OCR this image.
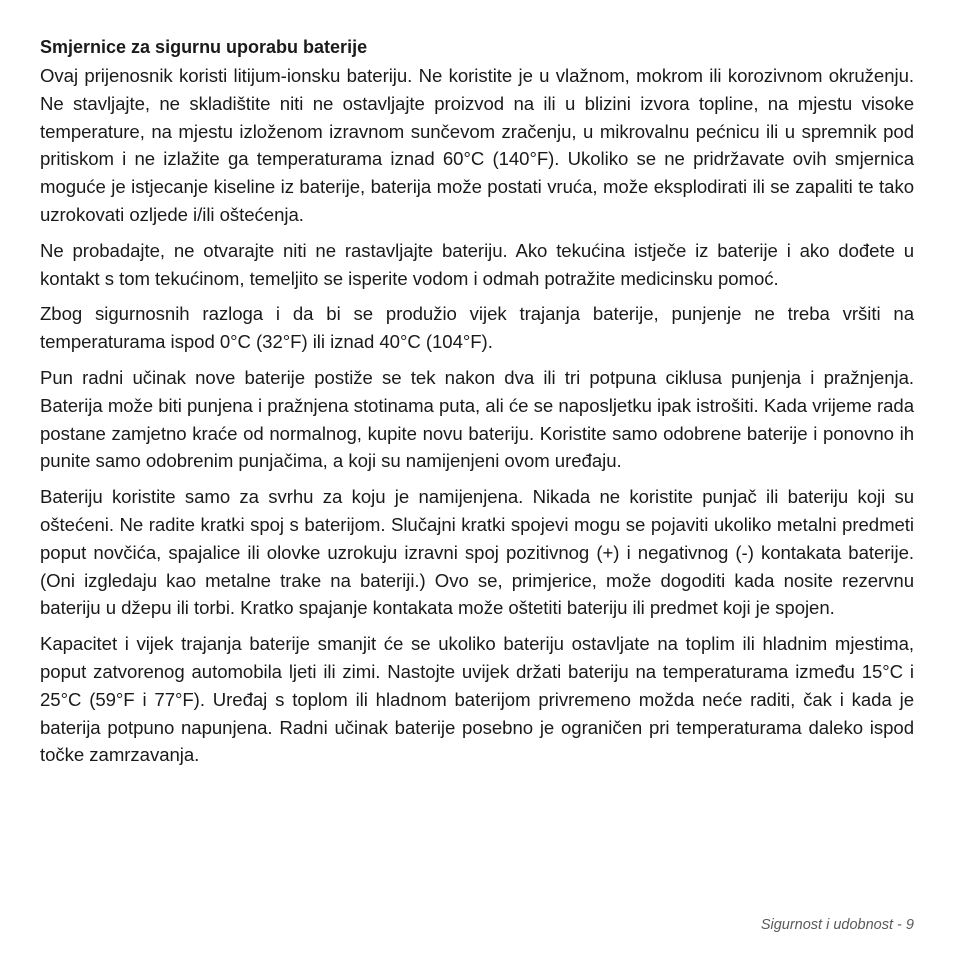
Smjernice za sigurnu uporabu baterije

Ovaj prijenosnik koristi litijum-ionsku bateriju. Ne koristite je u vlažnom, mokrom ili korozivnom okruženju. Ne stavljajte, ne skladištite niti ne ostavljajte proizvod na ili u blizini izvora topline, na mjestu visoke temperature, na mjestu izloženom izravnom sunčevom zračenju, u mikrovalnu pećnicu ili u spremnik pod pritiskom i ne izlažite ga temperaturama iznad 60°C (140°F). Ukoliko se ne pridržavate ovih smjernica moguće je istjecanje kiseline iz baterije, baterija može postati vruća, može eksplodirati ili se zapaliti te tako uzrokovati ozljede i/ili oštećenja.

Ne probadajte, ne otvarajte niti ne rastavljajte bateriju. Ako tekućina istječe iz baterije i ako dođete u kontakt s tom tekućinom, temeljito se isperite vodom i odmah potražite medicinsku pomoć.

Zbog sigurnosnih razloga i da bi se produžio vijek trajanja baterije, punjenje ne treba vršiti na temperaturama ispod 0°C (32°F) ili iznad 40°C (104°F).

Pun radni učinak nove baterije postiže se tek nakon dva ili tri potpuna ciklusa punjenja i pražnjenja. Baterija može biti punjena i pražnjena stotinama puta, ali će se naposljetku ipak istrošiti. Kada vrijeme rada postane zamjetno kraće od normalnog, kupite novu bateriju. Koristite samo odobrene baterije i ponovno ih punite samo odobrenim punjačima, a koji su namijenjeni ovom uređaju.

Bateriju koristite samo za svrhu za koju je namijenjena. Nikada ne koristite punjač ili bateriju koji su oštećeni. Ne radite kratki spoj s baterijom. Slučajni kratki spojevi mogu se pojaviti ukoliko metalni predmeti poput novčića, spajalice ili olovke uzrokuju izravni spoj pozitivnog (+) i negativnog (-) kontakata baterije. (Oni izgledaju kao metalne trake na bateriji.) Ovo se, primjerice, može dogoditi kada nosite rezervnu bateriju u džepu ili torbi. Kratko spajanje kontakata može oštetiti bateriju ili predmet koji je spojen.

Kapacitet i vijek trajanja baterije smanjit će se ukoliko bateriju ostavljate na toplim ili hladnim mjestima, poput zatvorenog automobila ljeti ili zimi. Nastojte uvijek držati bateriju na temperaturama između 15°C i 25°C (59°F i 77°F). Uređaj s toplom ili hladnom baterijom privremeno možda neće raditi, čak i kada je baterija potpuno napunjena. Radni učinak baterije posebno je ograničen pri temperaturama daleko ispod točke zamrzavanja.

Sigurnost i udobnost - 9
